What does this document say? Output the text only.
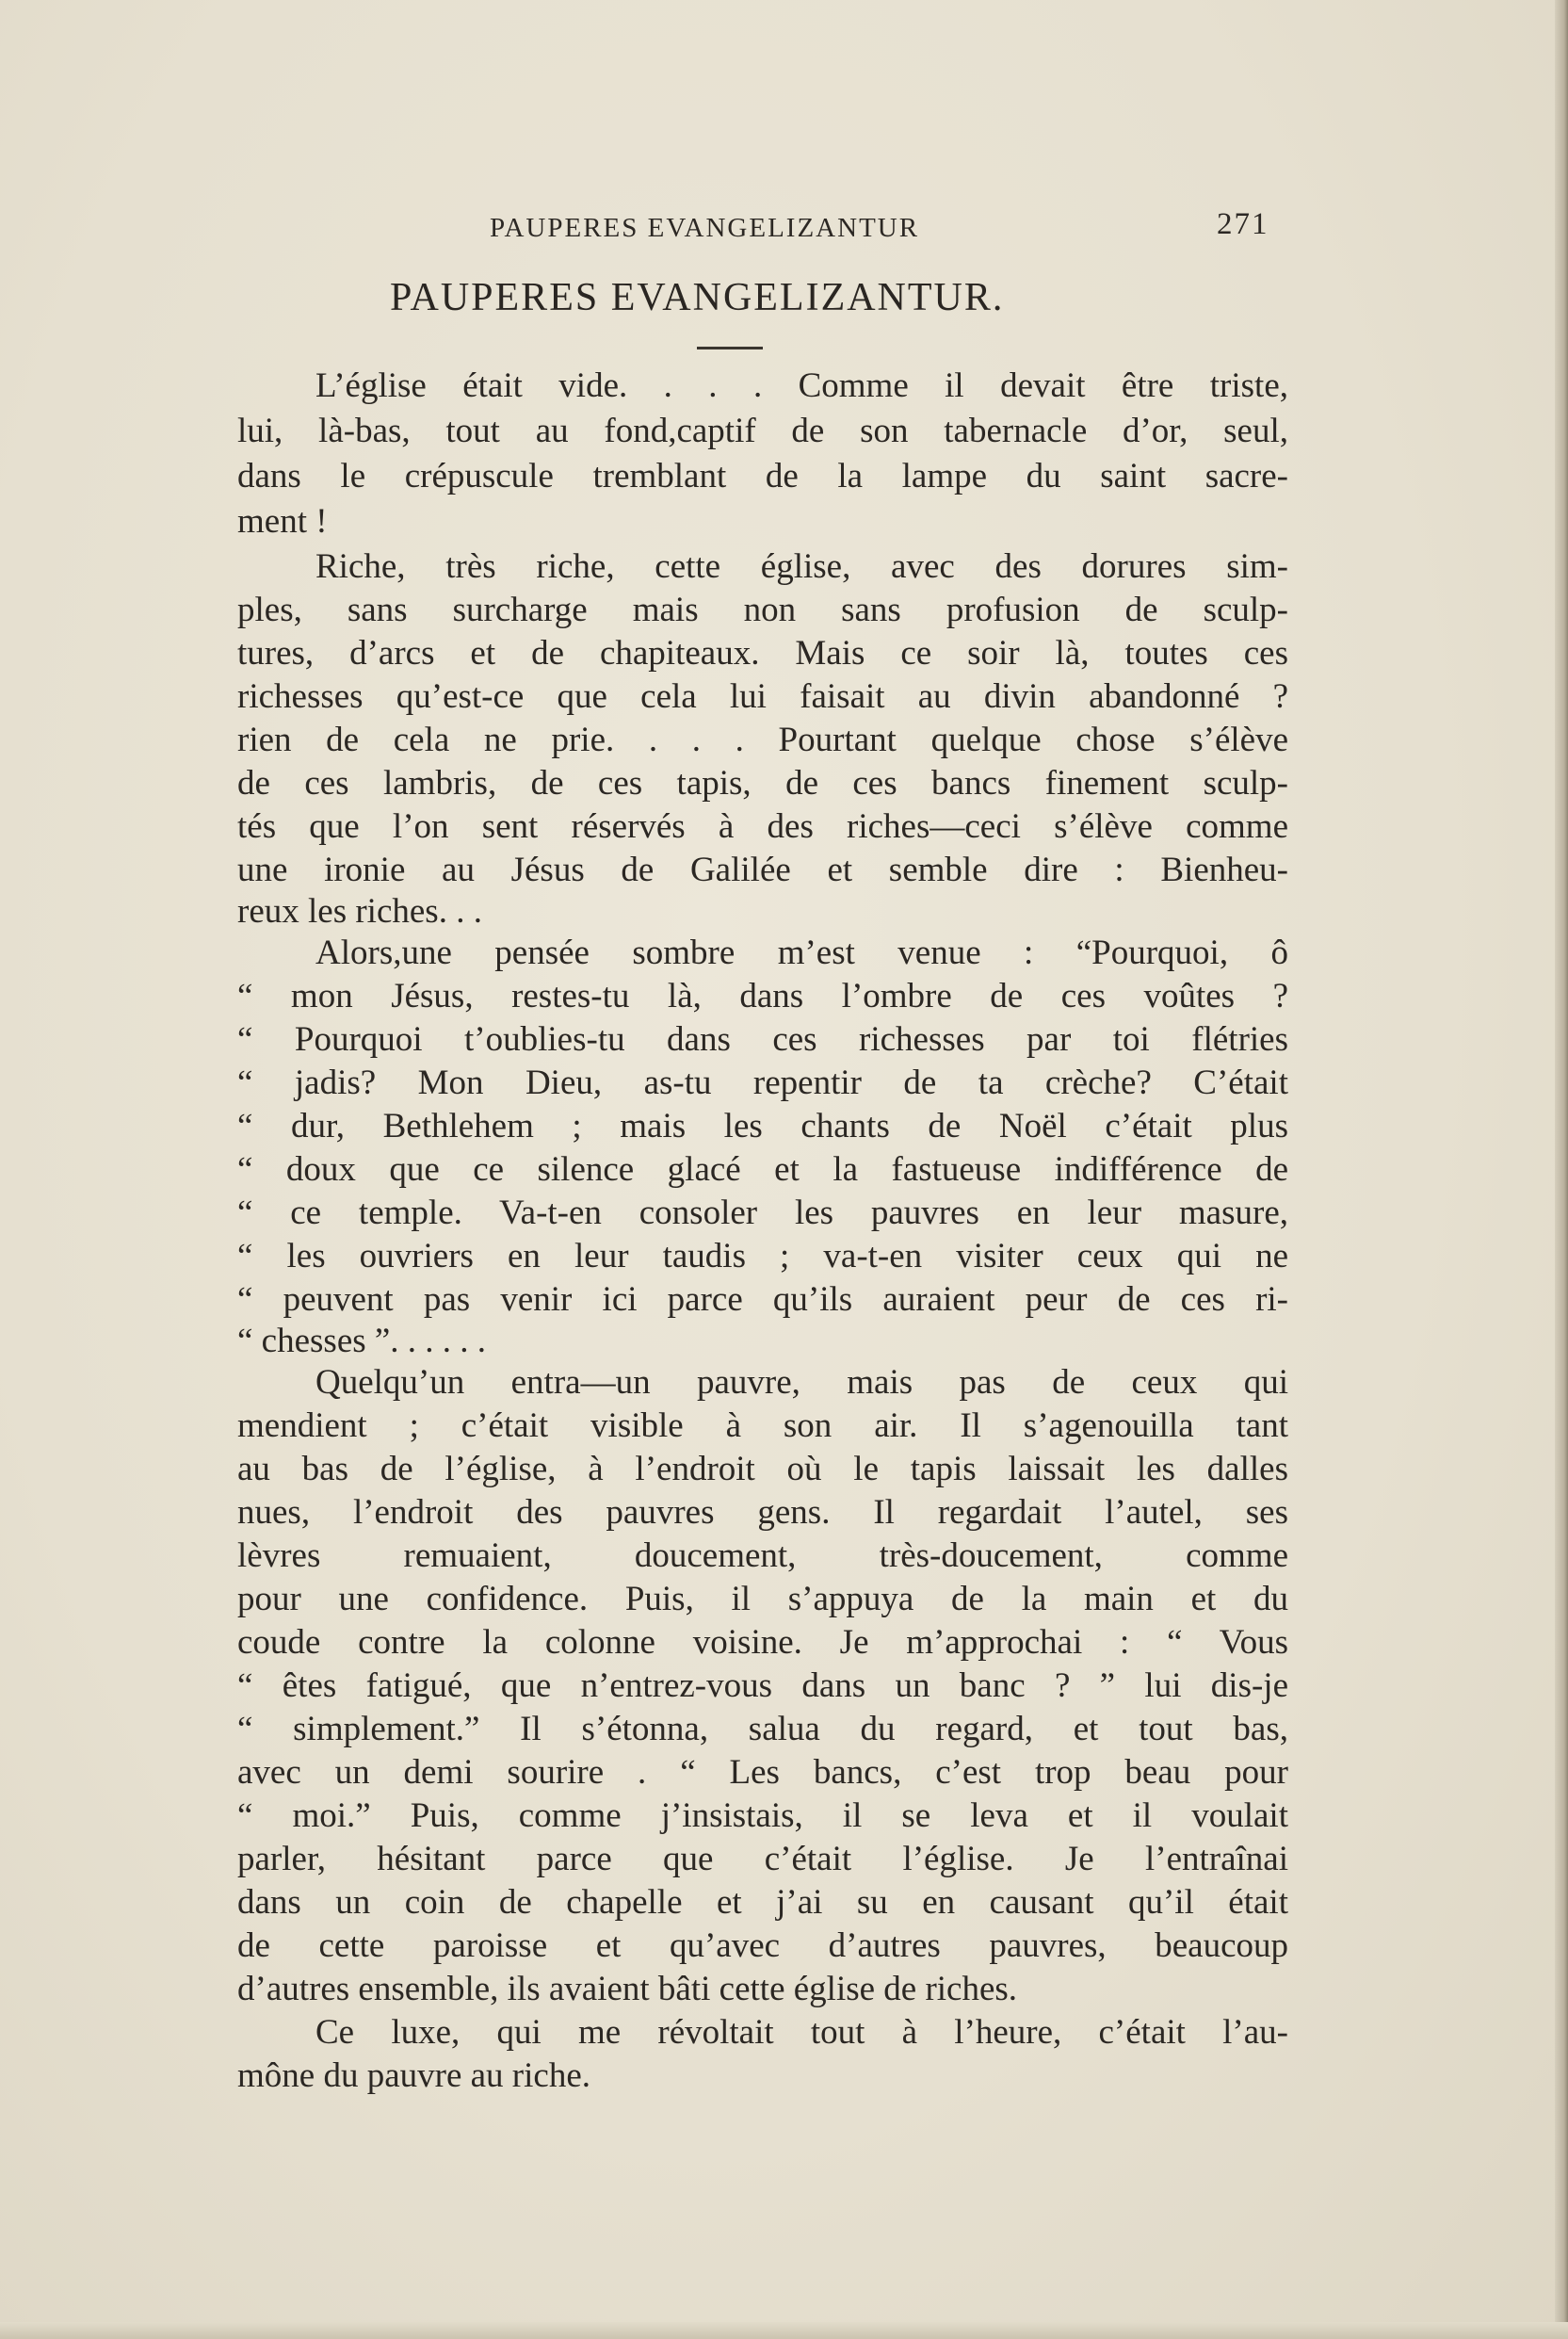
PAUPERES EVANGELIZANTUR	271
PAUPERES EVANGELIZANTUR.
L’église était vide. . . . Comme il devait être triste,
lui, là-bas, tout au fond,captif de son tabernacle d’or, seul,
dans le crépuscule tremblant de la lampe du saint sacre-
ment !
Riche, très riche, cette église, avec des dorures sim-
ples, sans surcharge mais non sans profusion de sculp-
tures, d’arcs et de chapiteaux. Mais ce soir là, toutes ces
richesses qu’est-ce que cela lui faisait au divin abandonné ?
rien de cela ne prie. . . . Pourtant quelque chose s’élève
de ces lambris, de ces tapis, de ces bancs finement sculp-
tés que l’on sent réservés à des riches—ceci s’élève comme
une ironie au Jésus de Galilée et semble dire : Bienheu-
reux les riches. . .
Alors,une pensée sombre m’est venue : “Pourquoi, ô
“ mon Jésus, restes-tu là, dans l’ombre de ces voûtes ?
“ Pourquoi t’oublies-tu dans ces richesses par toi flétries
“ jadis? Mon Dieu, as-tu repentir de ta crèche? C’était
“ dur, Bethlehem ; mais les chants de Noël c’était plus
“ doux que ce silence glacé et la fastueuse indifférence de
“ ce temple. Va-t-en consoler les pauvres en leur masure,
“ les ouvriers en leur taudis ; va-t-en visiter ceux qui ne
“ peuvent pas venir ici parce qu’ils auraient peur de ces ri-
“ chesses ”. . . . . .
Quelqu’un entra—un pauvre, mais pas de ceux qui
mendient ; c’était visible à son air. Il s’agenouilla tant
au bas de l’église, à l’endroit où le tapis laissait les dalles
nues, l’endroit des pauvres gens. Il regardait l’autel, ses
lèvres remuaient, doucement, très-doucement, comme
pour une confidence. Puis, il s’appuya de la main et du
coude contre la colonne voisine. Je m’approchai : “ Vous
“ êtes fatigué, que n’entrez-vous dans un banc ? ” lui dis-je
“ simplement.” Il s’étonna, salua du regard, et tout bas,
avec un demi sourire . “ Les bancs, c’est trop beau pour
“ moi.” Puis, comme j’insistais, il se leva et il voulait
parler, hésitant parce que c’était l’église. Je l’entraînai
dans un coin de chapelle et j’ai su en causant qu’il était
de cette paroisse et qu’avec d’autres pauvres, beaucoup
d’autres ensemble, ils avaient bâti cette église de riches.
Ce luxe, qui me révoltait tout à l’heure, c’était l’au-
mône du pauvre au riche.
